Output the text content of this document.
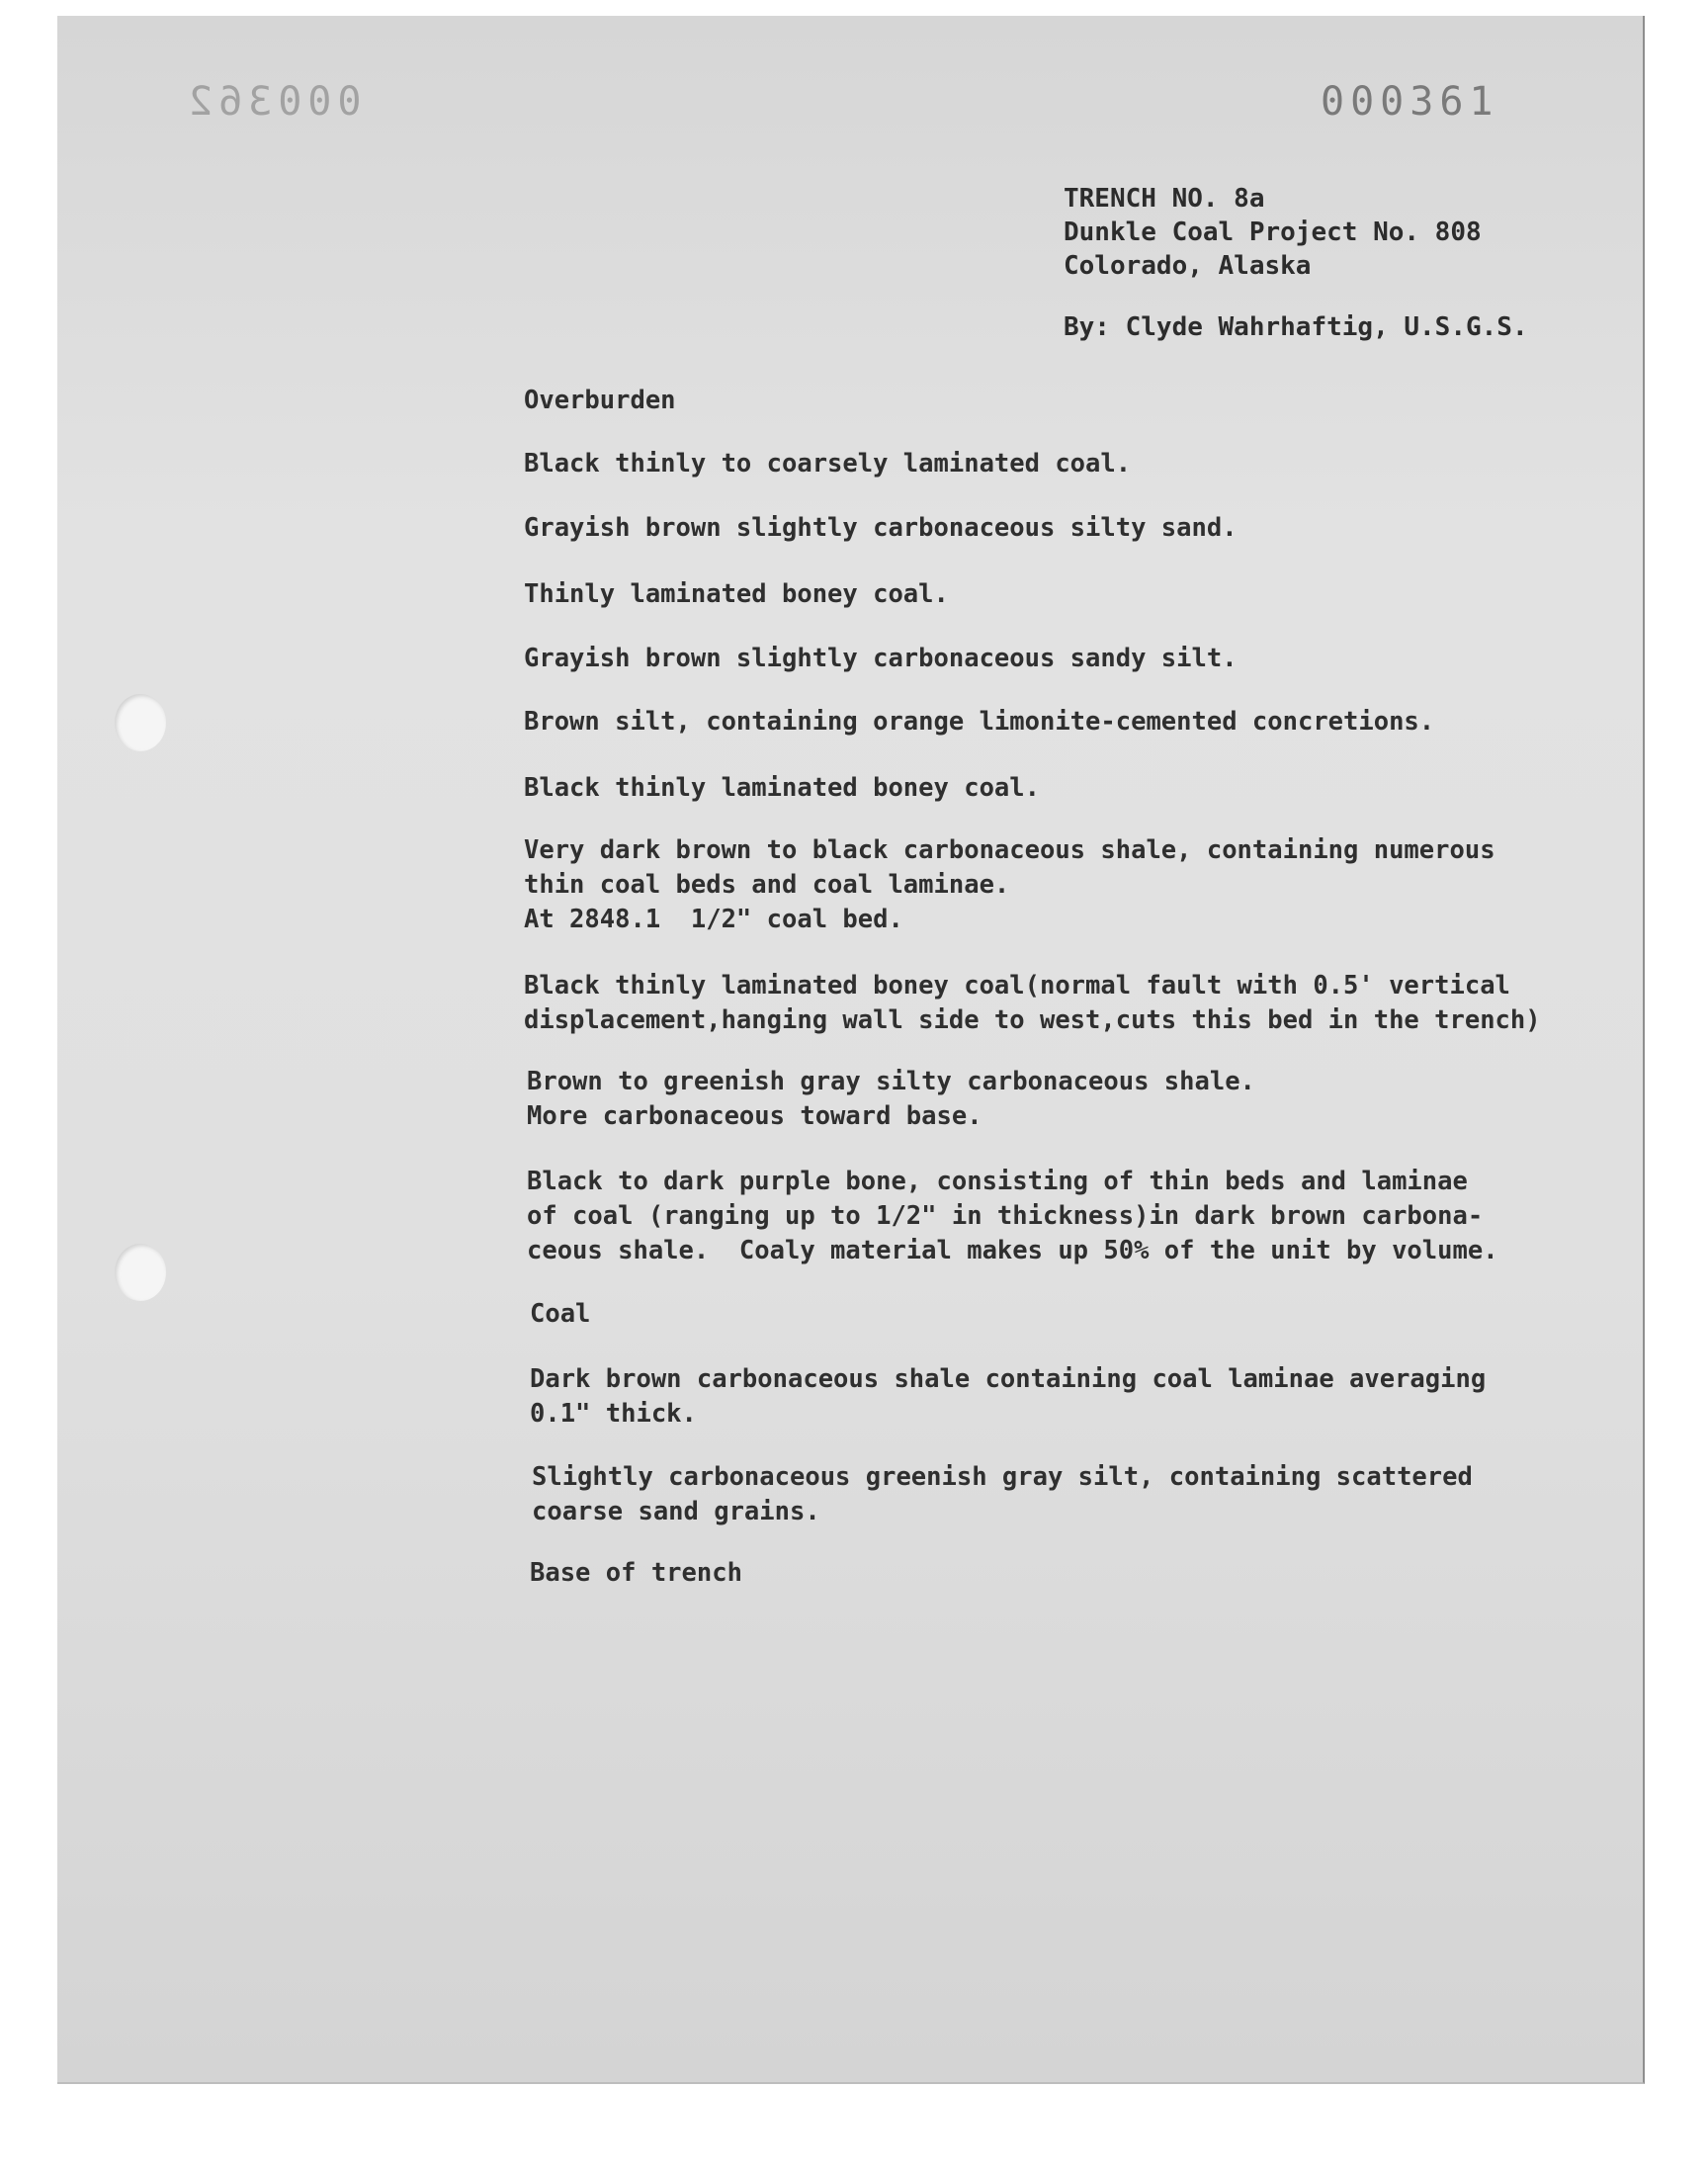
000362	000361
TRENCH NO. 8a
Dunkle Coal Project No. 808
Colorado, Alaska
By: Clyde Wahrhaftig, U.S.G.S.
Overburden
Black thinly to coarsely laminated coal.
Grayish brown slightly carbonaceous silty sand.
Thinly laminated boney coal.
Grayish brown slightly carbonaceous sandy silt.
Brown silt, containing orange limonite-cemented concretions.
Black thinly laminated boney coal.
Very dark brown to black carbonaceous shale, containing numerous
thin coal beds and coal laminae.
At 2848.1  1/2" coal bed.
Black thinly laminated boney coal(normal fault with 0.5' vertical
displacement,hanging wall side to west,cuts this bed in the trench)
Brown to greenish gray silty carbonaceous shale.
More carbonaceous toward base.
Black to dark purple bone, consisting of thin beds and laminae
of coal (ranging up to 1/2" in thickness)in dark brown carbona-
ceous shale.  Coaly material makes up 50% of the unit by volume.
Coal
Dark brown carbonaceous shale containing coal laminae averaging
0.1" thick.
Slightly carbonaceous greenish gray silt, containing scattered
coarse sand grains.
Base of trench
